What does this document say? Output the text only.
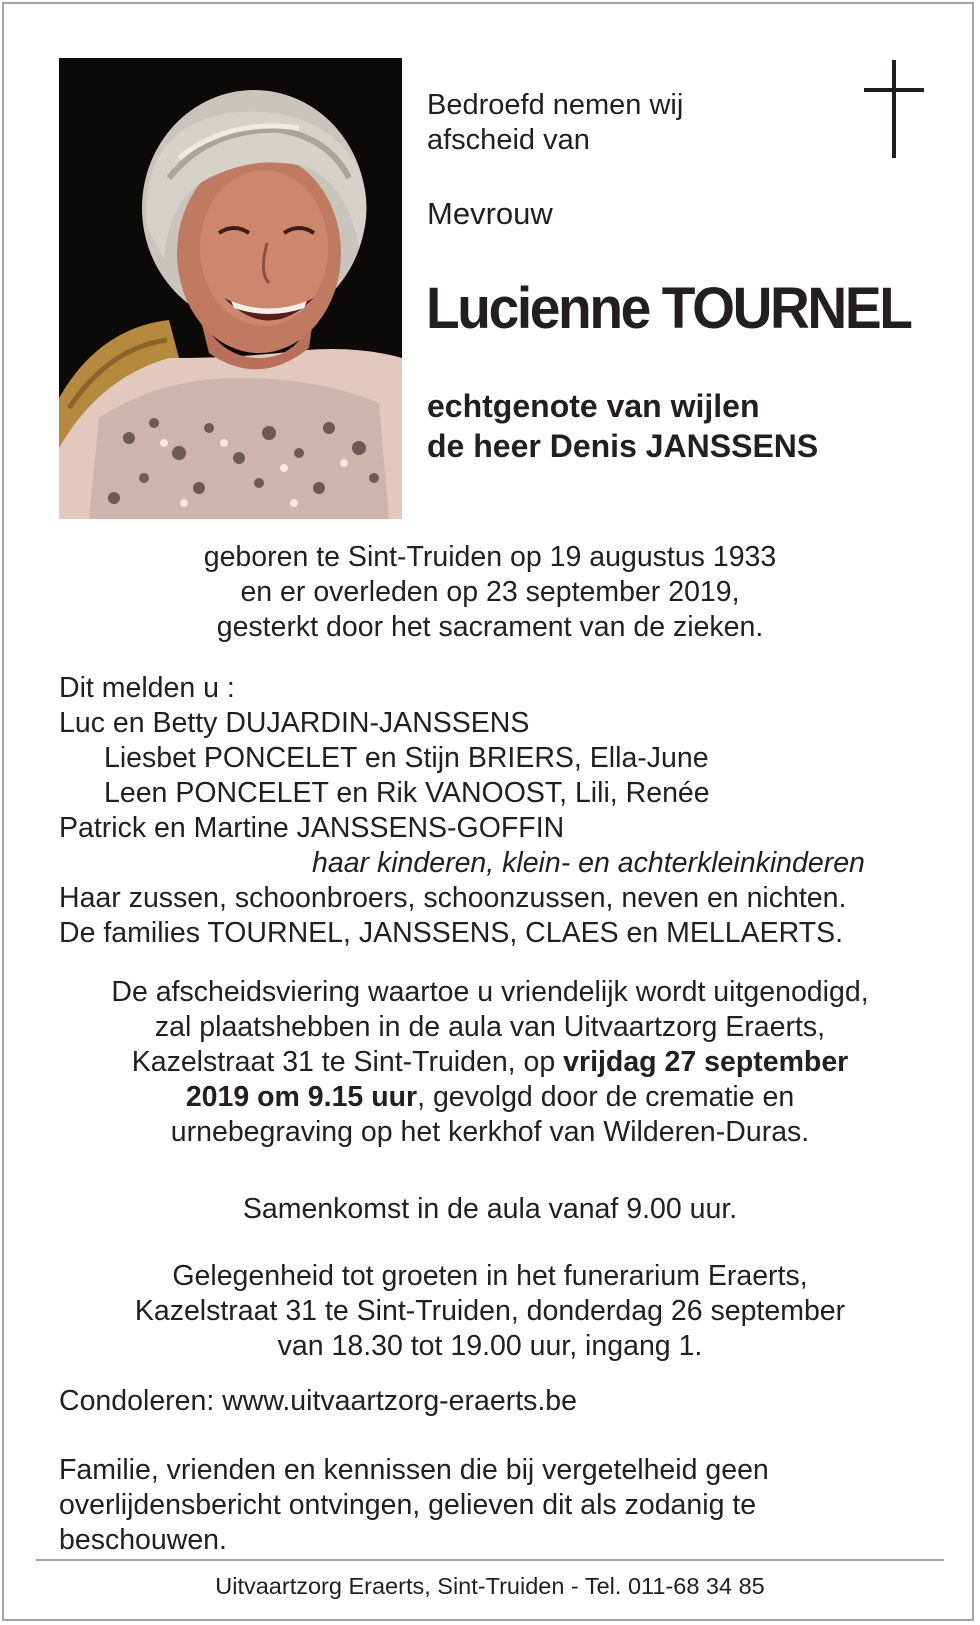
Bedroefd nemen wij
afscheid van
Mevrouw
Lucienne TOURNEL
echtgenote van wijlen
de heer Denis JANSSENS
geboren te Sint-Truiden op 19 augustus 1933
en er overleden op 23 september 2019,
gesterkt door het sacrament van de zieken.
Dit melden u :
Luc en Betty DUJARDIN-JANSSENS
Liesbet PONCELET en Stijn BRIERS, Ella-June
Leen PONCELET en Rik VANOOST, Lili, Renée
Patrick en Martine JANSSENS-GOFFIN
haar kinderen, klein- en achterkleinkinderen
Haar zussen, schoonbroers, schoonzussen, neven en nichten.
De families TOURNEL, JANSSENS, CLAES en MELLAERTS.
De afscheidsviering waartoe u vriendelijk wordt uitgenodigd,
zal plaatshebben in de aula van Uitvaartzorg Eraerts,
Kazelstraat 31 te Sint-Truiden, op vrijdag 27 september
2019 om 9.15 uur, gevolgd door de crematie en
urnebegraving op het kerkhof van Wilderen-Duras.
Samenkomst in de aula vanaf 9.00 uur.
Gelegenheid tot groeten in het funerarium Eraerts,
Kazelstraat 31 te Sint-Truiden, donderdag 26 september
van 18.30 tot 19.00 uur, ingang 1.
Condoleren: www.uitvaartzorg-eraerts.be
Familie, vrienden en kennissen die bij vergetelheid geen
overlijdensbericht ontvingen, gelieven dit als zodanig te
beschouwen.
Uitvaartzorg Eraerts, Sint-Truiden - Tel. 011-68 34 85
